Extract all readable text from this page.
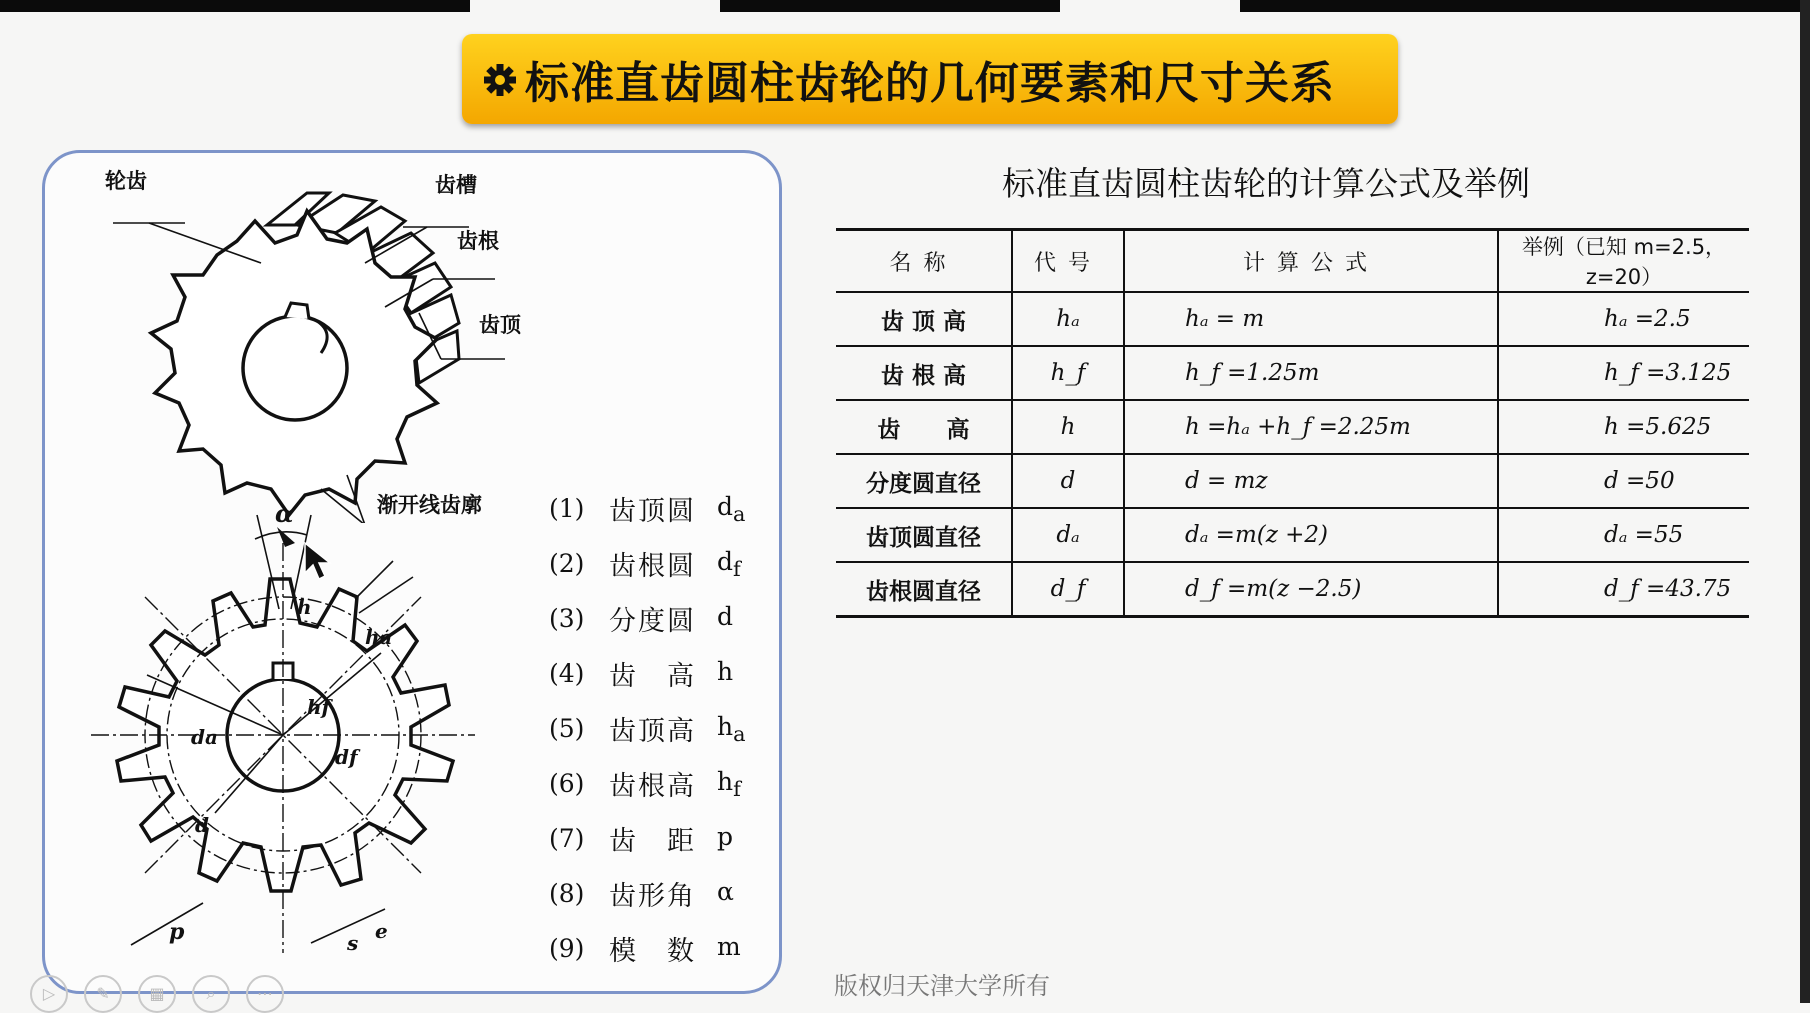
标准直齿圆柱齿轮的几何要素和尺寸关系
轮齿	齿槽
齿根
齿顶
渐开线齿廓
α
h
ha
hf
da
df
d
p	s e
(1) 齿顶圆 $d_a$
(2) 齿根圆 $d_f$
(3) 分度圆 d
(4) 齿　高 h
(5) 齿顶高 $h_a$
(6) 齿根高 $h_f$
(7) 齿　距 p
(8) 齿形角 α
(9) 模　数 m
标准直齿圆柱齿轮的计算公式及举例
名称	代号	计算公式	举例（已知 m=2.5，z=20）
齿 顶 高	hₐ	hₐ = m	hₐ =2.5
齿 根 高	h_f	h_f =1.25m	h_f =3.125
齿　　高	h	h =hₐ +h_f =2.25m	h =5.625
分度圆直径	d	d = mz	d =50
齿顶圆直径	dₐ	dₐ =m(z +2)	dₐ =55
齿根圆直径	d_f	d_f =m(z −2.5)	d_f =43.75
版权归天津大学所有
▷	✎	▦	⌕	⋯
